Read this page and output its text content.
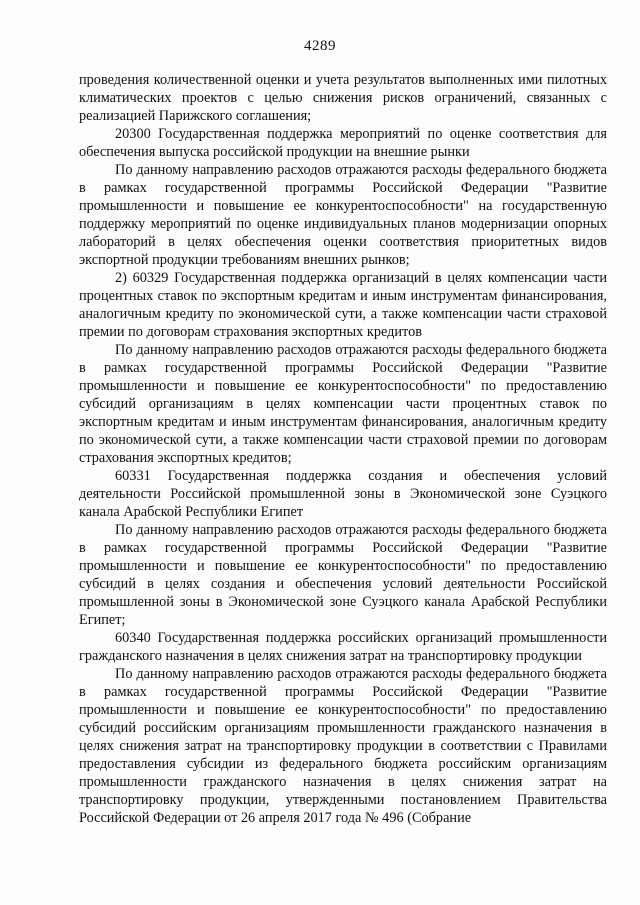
4289

проведения количественной оценки и учета результатов выполненных ими пилотных климатических проектов с целью снижения рисков ограничений, связанных с реализацией Парижского соглашения;

20300 Государственная поддержка мероприятий по оценке соответствия для обеспечения выпуска российской продукции на внешние рынки

По данному направлению расходов отражаются расходы федерального бюджета в рамках государственной программы Российской Федерации "Развитие промышленности и повышение ее конкурентоспособности" на государственную поддержку мероприятий по оценке индивидуальных планов модернизации опорных лабораторий в целях обеспечения оценки соответствия приоритетных видов экспортной продукции требованиям внешних рынков;

2) 60329 Государственная поддержка организаций в целях компенсации части процентных ставок по экспортным кредитам и иным инструментам финансирования, аналогичным кредиту по экономической сути, а также компенсации части страховой премии по договорам страхования экспортных кредитов

По данному направлению расходов отражаются расходы федерального бюджета в рамках государственной программы Российской Федерации "Развитие промышленности и повышение ее конкурентоспособности" по предоставлению субсидий организациям в целях компенсации части процентных ставок по экспортным кредитам и иным инструментам финансирования, аналогичным кредиту по экономической сути, а также компенсации части страховой премии по договорам страхования экспортных кредитов;

60331 Государственная поддержка создания и обеспечения условий деятельности Российской промышленной зоны в Экономической зоне Суэцкого канала Арабской Республики Египет

По данному направлению расходов отражаются расходы федерального бюджета в рамках государственной программы Российской Федерации "Развитие промышленности и повышение ее конкурентоспособности" по предоставлению субсидий в целях создания и обеспечения условий деятельности Российской промышленной зоны в Экономической зоне Суэцкого канала Арабской Республики Египет;

60340 Государственная поддержка российских организаций промышленности гражданского назначения в целях снижения затрат на транспортировку продукции

По данному направлению расходов отражаются расходы федерального бюджета в рамках государственной программы Российской Федерации "Развитие промышленности и повышение ее конкурентоспособности" по предоставлению субсидий российским организациям промышленности гражданского назначения в целях снижения затрат на транспортировку продукции в соответствии с Правилами предоставления субсидии из федерального бюджета российским организациям промышленности гражданского назначения в целях снижения затрат на транспортировку продукции, утвержденными постановлением Правительства Российской Федерации от 26 апреля 2017 года № 496 (Собрание
